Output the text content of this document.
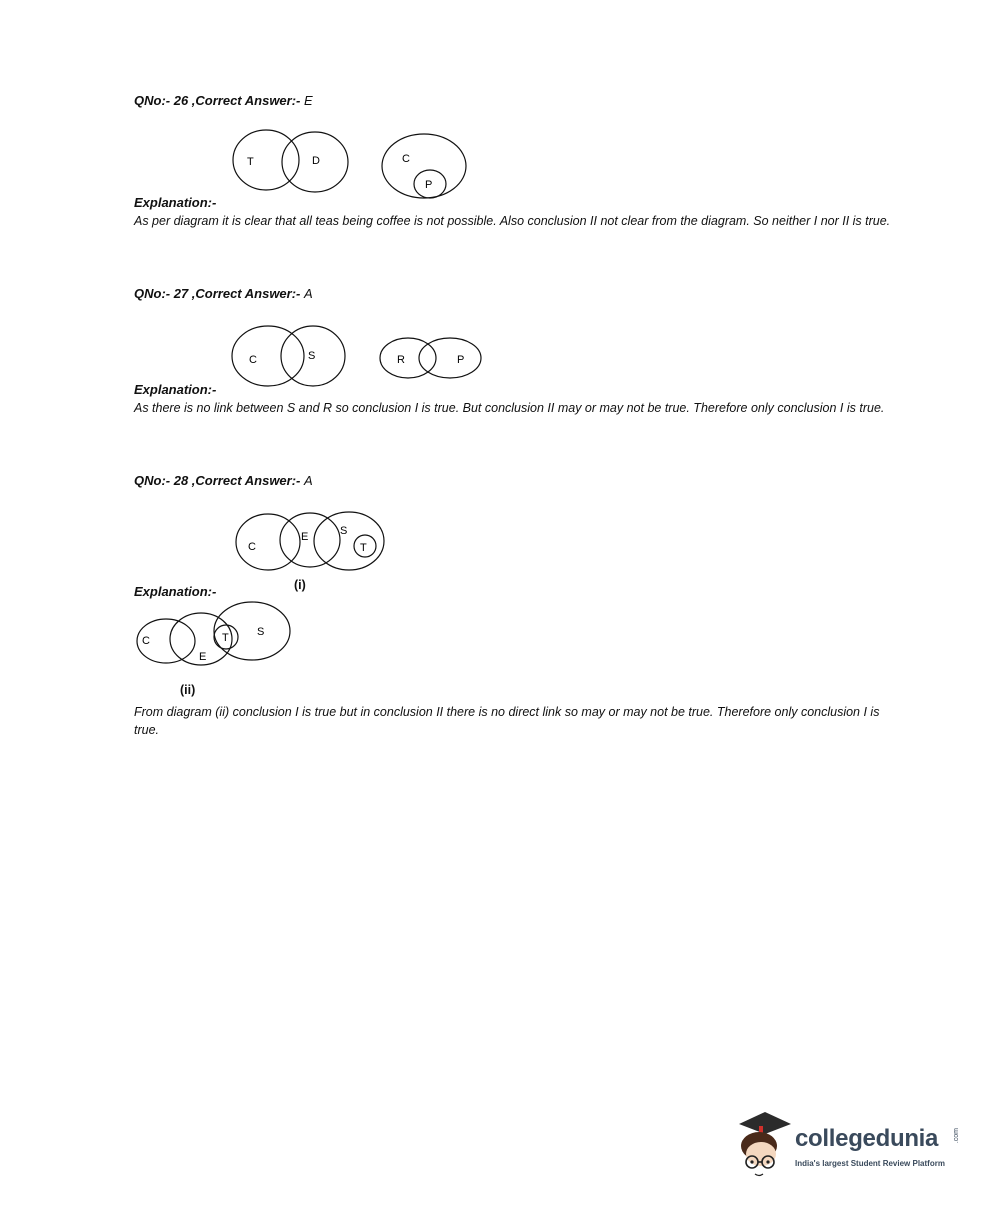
QNo:- 26 ,Correct Answer:- E
T	D	C
P
Explanation:-
As per diagram it is clear that all teas being coffee is not possible. Also conclusion II not clear from the diagram. So neither I nor II is true.
QNo:- 27 ,Correct Answer:- A
C	S	R	P
Explanation:-
As there is no link between S and R so conclusion I is true. But conclusion II may or may not be true. Therefore only conclusion I is true.
QNo:- 28 ,Correct Answer:- A
C
E	S
T
(i)
Explanation:-
C	T	S
E
(ii)
From diagram (ii) conclusion I is true but in conclusion II there is no direct link so may or may not be true. Therefore only conclusion I is true.
collegedunia .com
India's largest Student Review Platform
